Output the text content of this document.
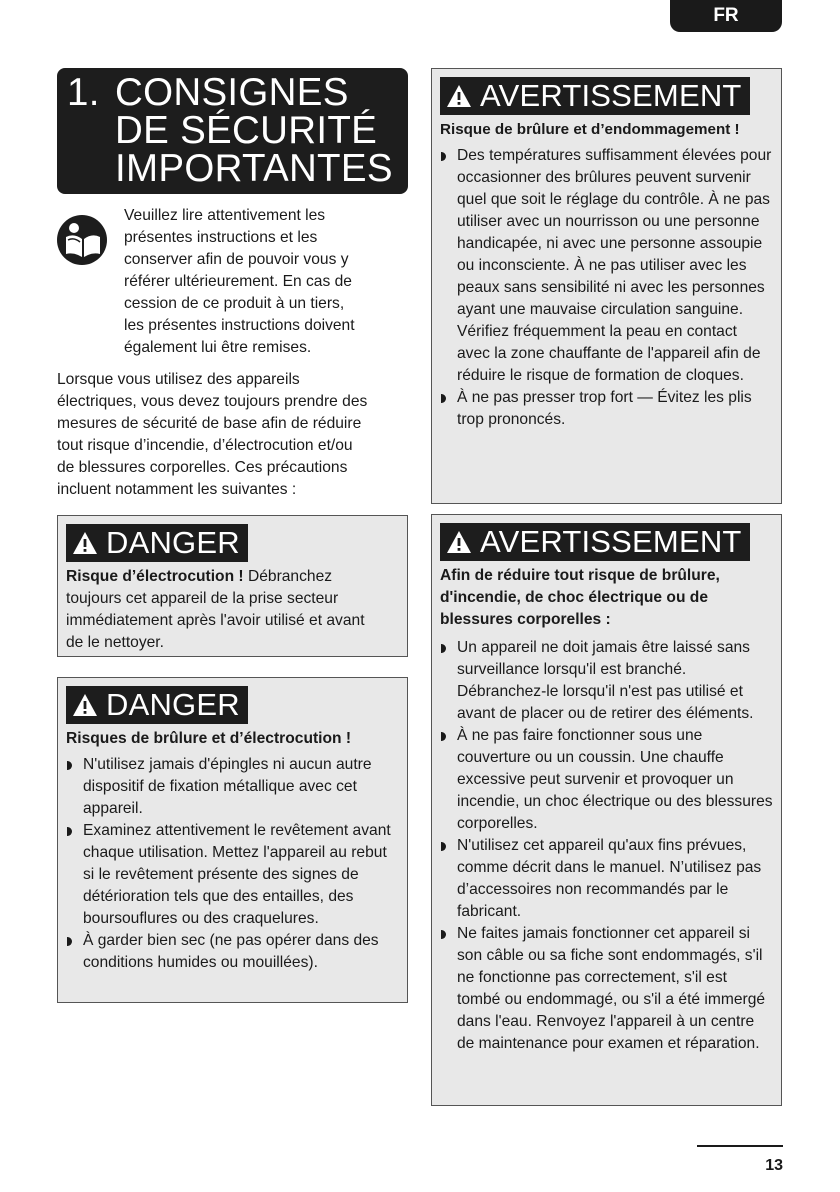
FR
1. CONSIGNES
DE SÉCURITÉ
IMPORTANTES

Veuillez lire attentivement les
présentes instructions et les
conserver afin de pouvoir vous y
référer ultérieurement. En cas de
cession de ce produit à un tiers,
les présentes instructions doivent
également lui être remises.

Lorsque vous utilisez des appareils
électriques, vous devez toujours prendre des
mesures de sécurité de base afin de réduire
tout risque d’incendie, d’électrocution et/ou
de blessures corporelles. Ces précautions
incluent notamment les suivantes :

DANGER

Risque d’électrocution ! Débranchez
toujours cet appareil de la prise secteur
immédiatement après l'avoir utilisé et avant
de le nettoyer.

DANGER
Risques de brûlure et d’électrocution !
N'utilisez jamais d'épingles ni aucun autre dispositif de fixation métallique avec cet appareil.
Examinez attentivement le revêtement avant chaque utilisation. Mettez l'appareil au rebut si le revêtement présente des signes de détérioration tels que des entailles, des boursouflures ou des craquelures.
À garder bien sec (ne pas opérer dans des conditions humides ou mouillées).
AVERTISSEMENT
Risque de brûlure et d’endommagement !
Des températures suffisamment élevées pour occasionner des brûlures peuvent survenir quel que soit le réglage du contrôle. À ne pas utiliser avec un nourrisson ou une personne handicapée, ni avec une personne assoupie ou inconsciente. À ne pas utiliser avec les peaux sans sensibilité ni avec les personnes ayant une mauvaise circulation sanguine. Vérifiez fréquemment la peau en contact avec la zone chauffante de l'appareil afin de réduire le risque de formation de cloques.
À ne pas presser trop fort — Évitez les plis trop prononcés.
AVERTISSEMENT
Afin de réduire tout risque de brûlure, d'incendie, de choc électrique ou de blessures corporelles :
Un appareil ne doit jamais être laissé sans surveillance lorsqu'il est branché. Débranchez-le lorsqu'il n'est pas utilisé et avant de placer ou de retirer des éléments.
À ne pas faire fonctionner sous une couverture ou un coussin. Une chauffe excessive peut survenir et provoquer un incendie, un choc électrique ou des blessures corporelles.
N'utilisez cet appareil qu'aux fins prévues, comme décrit dans le manuel. N’utilisez pas d’accessoires non recommandés par le fabricant.
Ne faites jamais fonctionner cet appareil si son câble ou sa fiche sont endommagés, s'il ne fonctionne pas correctement, s'il est tombé ou endommagé, ou s'il a été immergé dans l'eau. Renvoyez l'appareil à un centre de maintenance pour examen et réparation.
13
